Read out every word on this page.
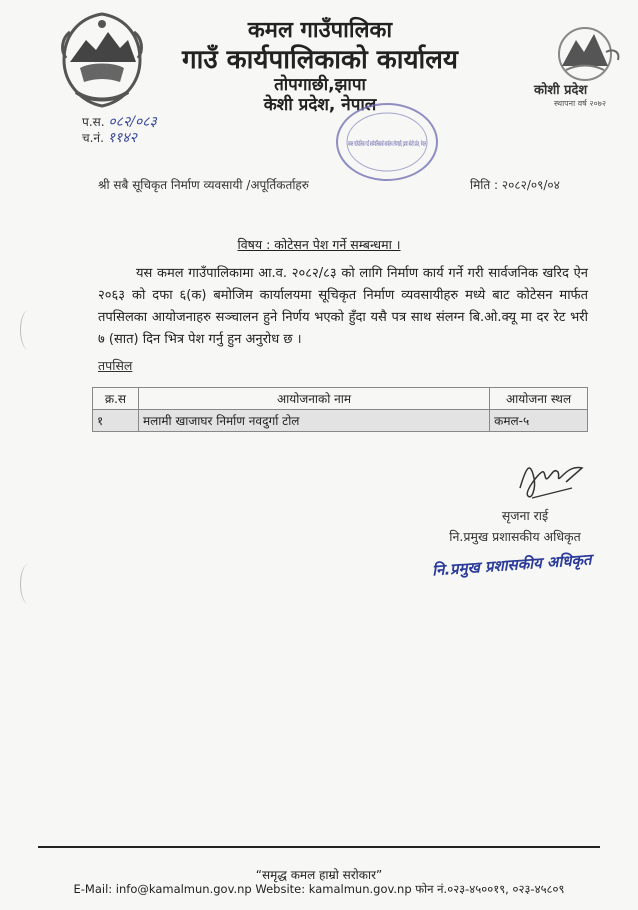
कमल गाउँपालिका
गाउँ कार्यपालिकाको कार्यालय
तोपगाछी,झापा
केशी प्रदेश, नेपाल
कोशी प्रदेश
स्थापना वर्ष २०७२
प.स. ०८२/०८३
च.नं. ११४२	कमल गाउँपालिका गाउँ कार्यपालिकाको कार्यालय तोपगाछी, झापा कोशी प्रदेश, नेपाल
श्री सबै सूचिकृत निर्माण व्यवसायी /अपूर्तिकर्ताहरु	मिति : २०८२/०९/०४
विषय : कोटेसन पेश गर्ने सम्बन्धमा ।

यस कमल गाउँपालिकामा आ.व. २०८२/८३ को लागि निर्माण कार्य गर्ने गरी सार्वजनिक खरिद ऐन २०६३ को दफा ६(क) बमोजिम कार्यालयमा सूचिकृत निर्माण व्यवसायीहरु मध्ये बाट कोटेसन मार्फत तपसिलका आयोजनाहरु सञ्चालन हुने निर्णय भएको हुँदा यसै पत्र साथ संलग्न बि.ओ.क्यू मा दर रेट भरी ७ (सात) दिन भित्र पेश गर्नु हुन अनुरोध छ ।

तपसिल
क्र.स	आयोजनाको नाम	आयोजना स्थल
१	मलामी खाजाघर निर्माण नवदुर्गा टोल	कमल-५
सृजना राई
नि.प्रमुख प्रशासकीय अधिकृत
नि.प्रमुख प्रशासकीय अधिकृत
“समृद्ध कमल हाम्रो सरोकार”
E-Mail: info@kamalmun.gov.np Website: kamalmun.gov.np फोन नं.०२३-४५००१९, ०२३-४५८०९
